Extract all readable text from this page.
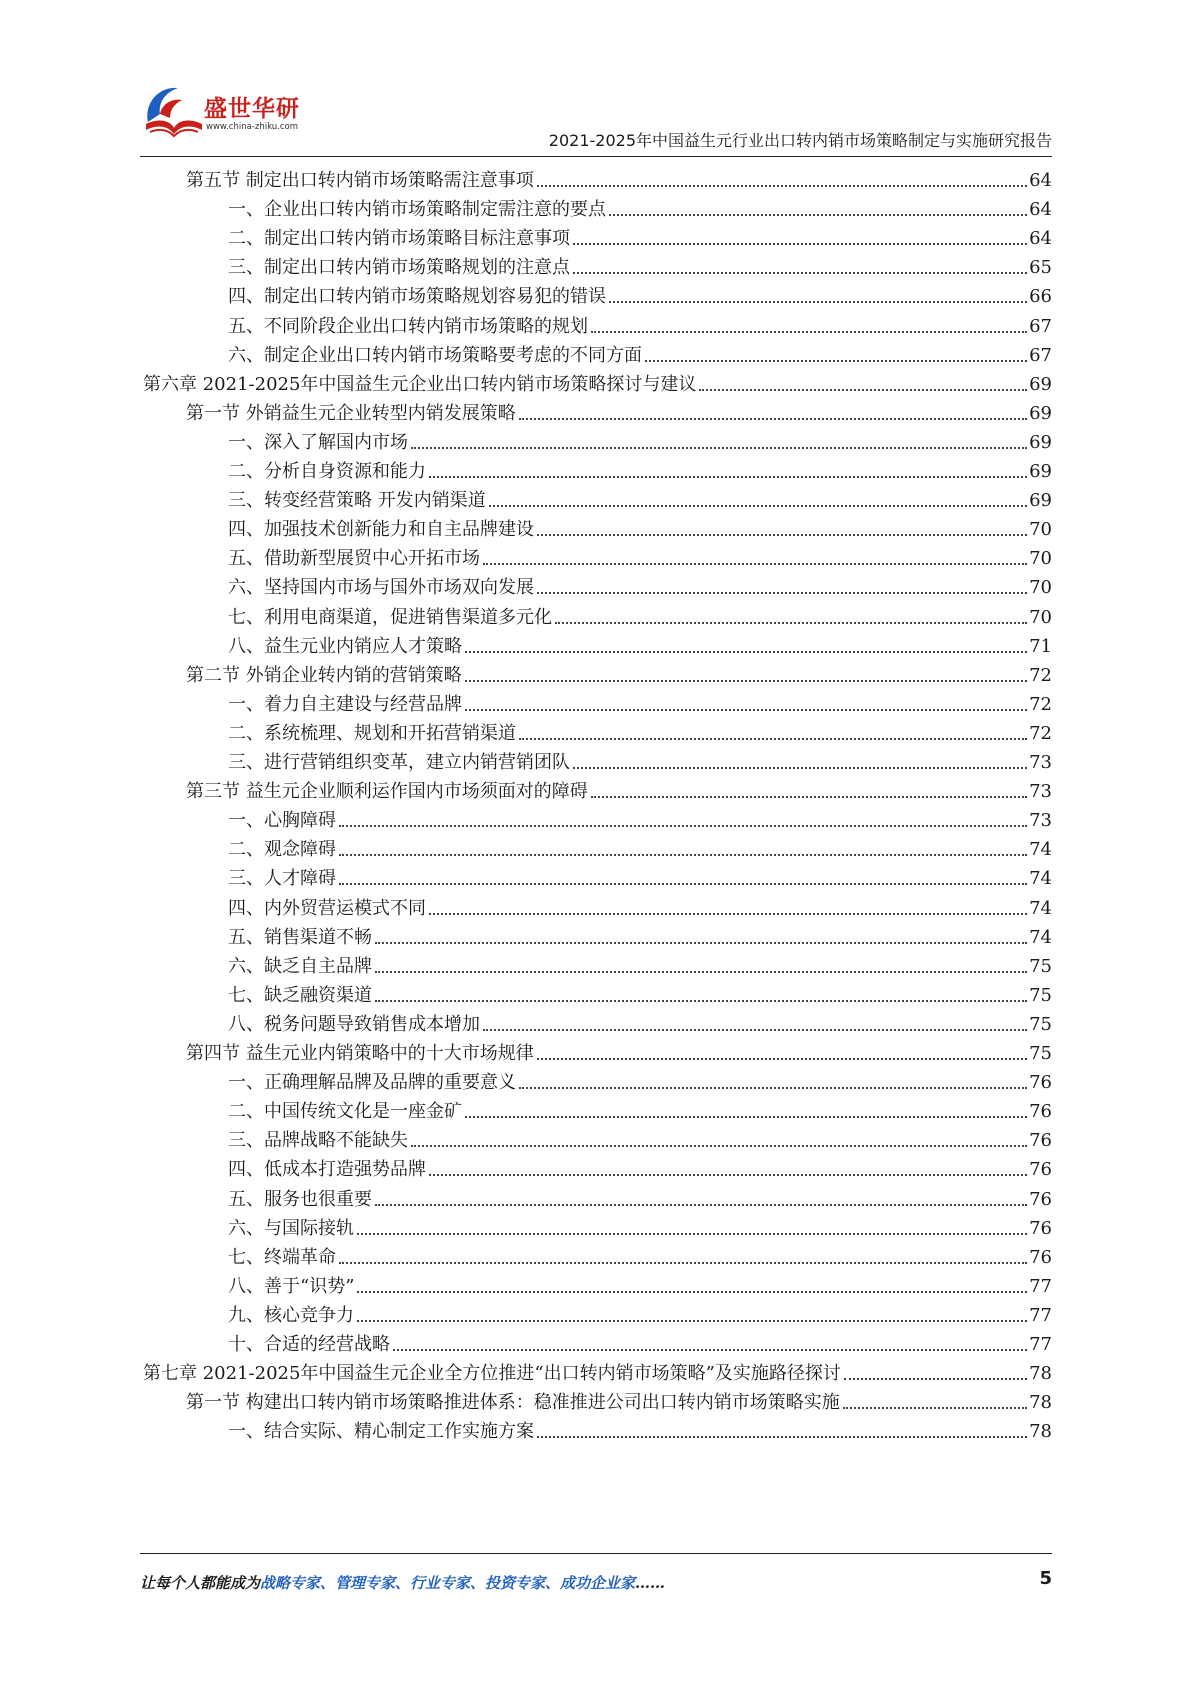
盛世华研
www.china-zhiku.com
2021-2025年中国益生元行业出口转内销市场策略制定与实施研究报告
第五节 制定出口转内销市场策略需注意事项	64
一、企业出口转内销市场策略制定需注意的要点	64
二、制定出口转内销市场策略目标注意事项	64
三、制定出口转内销市场策略规划的注意点	65
四、制定出口转内销市场策略规划容易犯的错误	66
五、不同阶段企业出口转内销市场策略的规划	67
六、制定企业出口转内销市场策略要考虑的不同方面	67
第六章 2021-2025年中国益生元企业出口转内销市场策略探讨与建议	69
第一节 外销益生元企业转型内销发展策略	69
一、深入了解国内市场	69
二、分析自身资源和能力	69
三、转变经营策略 开发内销渠道	69
四、加强技术创新能力和自主品牌建设	70
五、借助新型展贸中心开拓市场	70
六、坚持国内市场与国外市场双向发展	70
七、利用电商渠道，促进销售渠道多元化	70
八、益生元业内销应人才策略	71
第二节 外销企业转内销的营销策略	72
一、着力自主建设与经营品牌	72
二、系统梳理、规划和开拓营销渠道	72
三、进行营销组织变革，建立内销营销团队	73
第三节 益生元企业顺利运作国内市场须面对的障碍	73
一、心胸障碍	73
二、观念障碍	74
三、人才障碍	74
四、内外贸营运模式不同	74
五、销售渠道不畅	74
六、缺乏自主品牌	75
七、缺乏融资渠道	75
八、税务问题导致销售成本增加	75
第四节 益生元业内销策略中的十大市场规律	75
一、正确理解品牌及品牌的重要意义	76
二、中国传统文化是一座金矿	76
三、品牌战略不能缺失	76
四、低成本打造强势品牌	76
五、服务也很重要	76
六、与国际接轨	76
七、终端革命	76
八、善于“识势”	77
九、核心竞争力	77
十、合适的经营战略	77
第七章 2021-2025年中国益生元企业全方位推进“出口转内销市场策略”及实施路径探讨	78
第一节 构建出口转内销市场策略推进体系：稳准推进公司出口转内销市场策略实施	78
一、结合实际、精心制定工作实施方案	78
让每个人都能成为战略专家、管理专家、行业专家、投资专家、成功企业家……	5
